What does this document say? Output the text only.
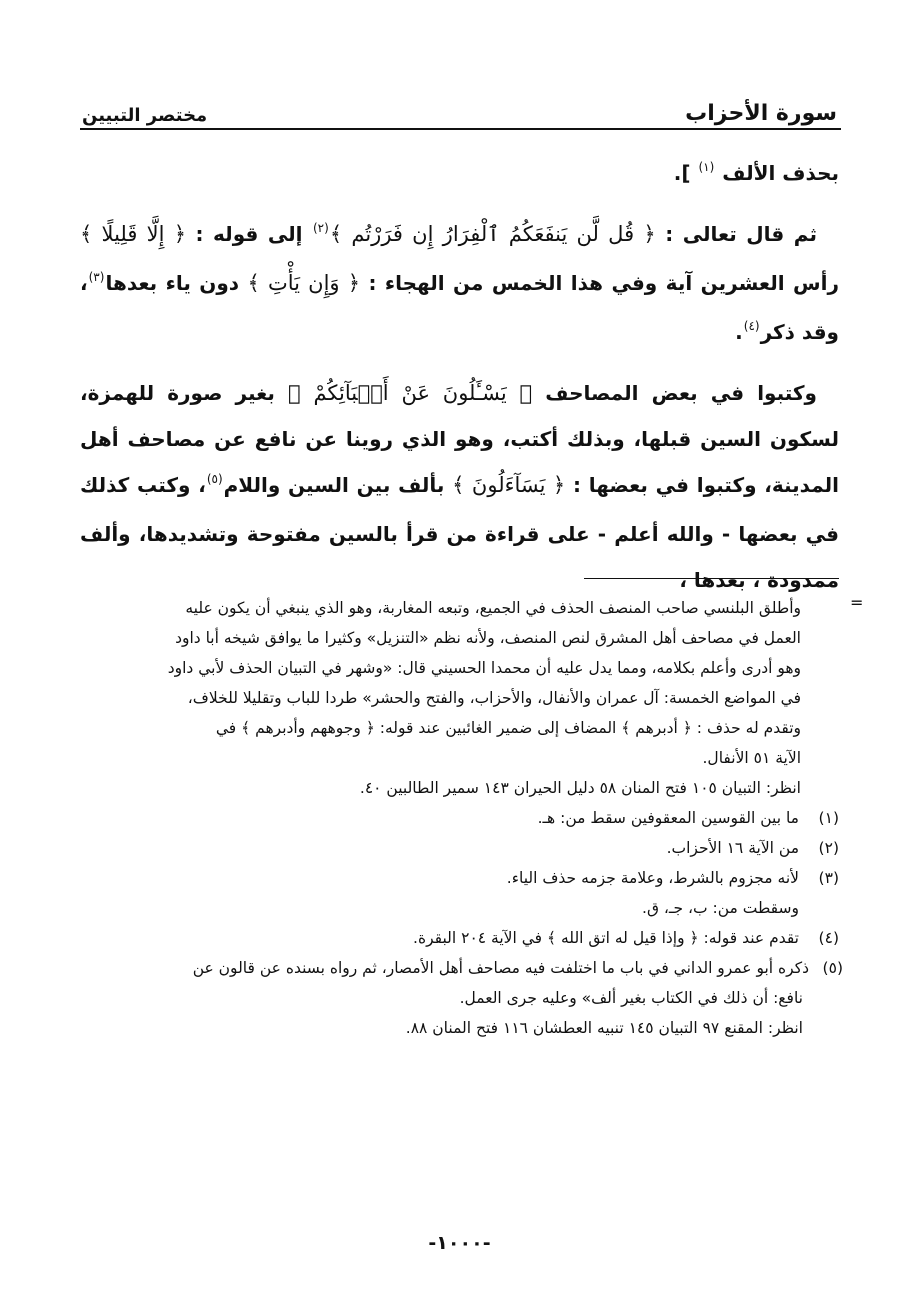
سورة الأحزاب
مختصر التبيين

بحذف الألف $^{(١)}$ ].

ثم قال تعالى : ﴿ قُل لَّن يَنفَعَكُمُ ٱلْفِرَارُ إِن فَرَرْتُم ﴾$^{(٢)}$ إلى قوله : ﴿ إِلَّا قَلِيلًا ﴾ رأس العشرين آية وفي هذا الخمس من الهجاء : ﴿ وَإِن يَأْتِ ﴾ دون ياء بعدها$^{(٣)}$، وقد ذكر$^{(٤)}$.

وكتبوا في بعض المصاحف ﴿ يَسْـَٔلُونَ عَنْ أَنۢبَآئِكُمْ ﴾ بغير صورة للهمزة، لسكون السين قبلها، وبذلك أكتب، وهو الذي روينا عن نافع عن مصاحف أهل المدينة، وكتبوا في بعضها : ﴿ يَسَآءَلُونَ ﴾ بألف بين السين واللام$^{(٥)}$، وكتب كذلك في بعضها - والله أعلم - على قراءة من قرأ بالسين مفتوحة وتشديدها، وألف ممدودة ، بعدها ،

=

وأطلق البلنسي صاحب المنصف الحذف في الجميع، وتبعه المغاربة، وهو الذي ينبغي أن يكون عليه

العمل في مصاحف أهل المشرق لنص المنصف، ولأنه نظم «التنزيل» وكثيرا ما يوافق شيخه أبا داود

وهو أدرى وأعلم بكلامه، ومما يدل عليه أن محمدا الحسيني قال: «وشهر في التبيان الحذف لأبي داود

في المواضع الخمسة: آل عمران والأنفال، والأحزاب، والفتح والحشر» طردا للباب وتقليلا للخلاف،

وتقدم له حذف : ﴿ أدبرهم ﴾ المضاف إلى ضمير الغائبين عند قوله: ﴿ وجوههم وأدبرهم ﴾ في

الآية ٥١ الأنفال.

انظر: التبيان ١٠٥ فتح المنان ٥٨ دليل الحيران ١٤٣ سمير الطالبين ٤٠.

(١)

ما بين القوسين المعقوفين سقط من: هـ.

(٢)

من الآية ١٦ الأحزاب.

(٣)

لأنه مجزوم بالشرط، وعلامة جزمه حذف الياء.

وسقطت من: ب، جـ، ق.

(٤)

تقدم عند قوله: ﴿ وإذا قيل له اتق الله ﴾ في الآية ٢٠٤ البقرة.

(٥)

ذكره أبو عمرو الداني في باب ما اختلفت فيه مصاحف أهل الأمصار، ثم رواه بسنده عن قالون عن

نافع: أن ذلك في الكتاب بغير ألف» وعليه جرى العمل.

انظر: المقنع ٩٧ التبيان ١٤٥ تنبيه العطشان ١١٦ فتح المنان ٨٨.

-١٠٠٠-
